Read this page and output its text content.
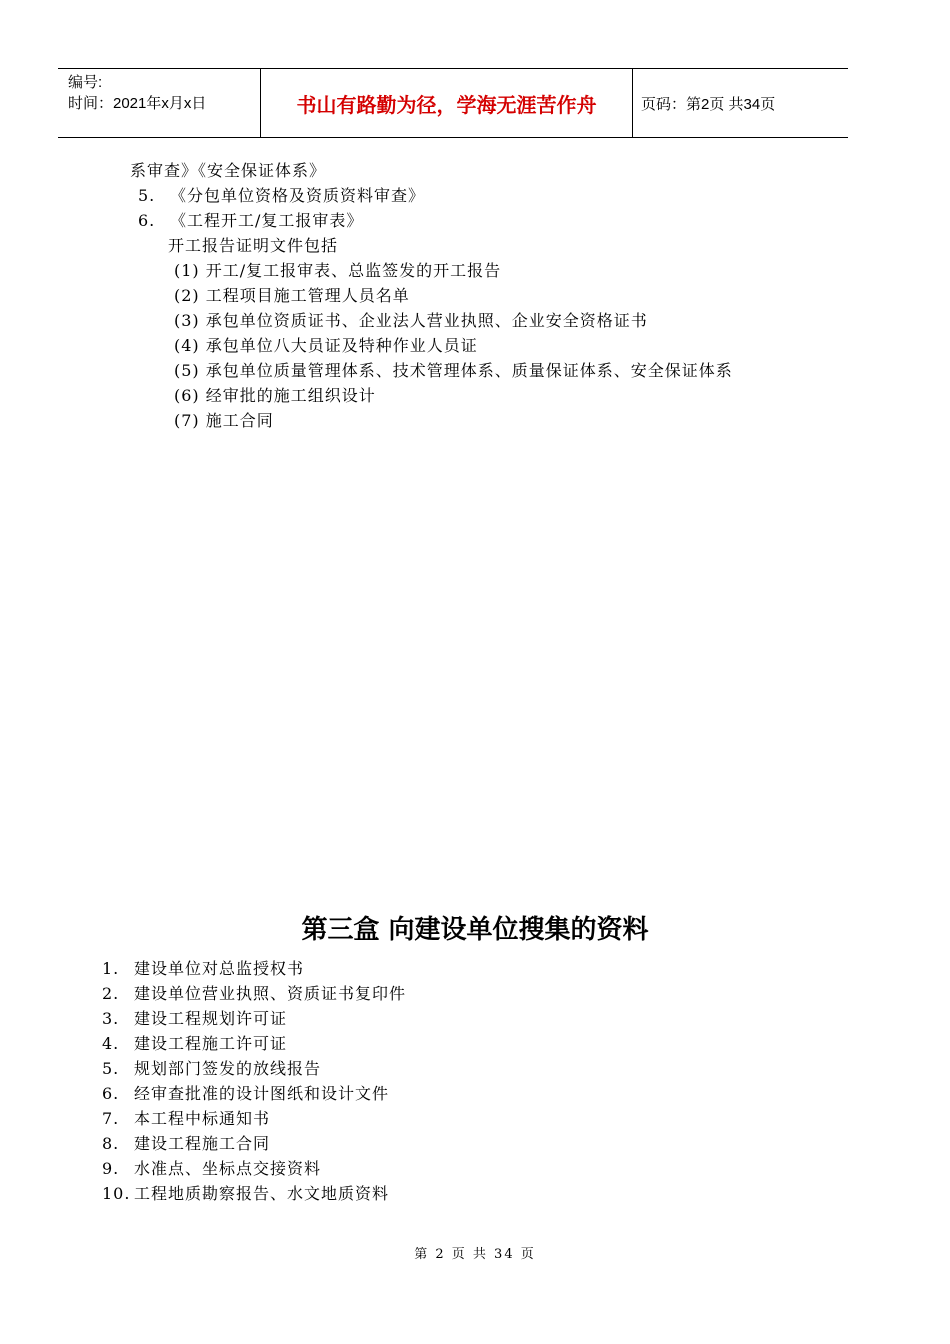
编号:
时间：2021年x月x日	书山有路勤为径，学海无涯苦作舟	页码：第2页 共34页
系审查》《安全保证体系》
5. 《分包单位资格及资质资料审查》
6. 《工程开工/复工报审表》
开工报告证明文件包括
(1) 开工/复工报审表、总监签发的开工报告
(2) 工程项目施工管理人员名单
(3) 承包单位资质证书、企业法人营业执照、企业安全资格证书
(4) 承包单位八大员证及特种作业人员证
(5) 承包单位质量管理体系、技术管理体系、质量保证体系、安全保证体系
(6) 经审批的施工组织设计
(7) 施工合同
第三盒 向建设单位搜集的资料
1. 建设单位对总监授权书
2. 建设单位营业执照、资质证书复印件
3. 建设工程规划许可证
4. 建设工程施工许可证
5. 规划部门签发的放线报告
6. 经审查批准的设计图纸和设计文件
7. 本工程中标通知书
8. 建设工程施工合同
9. 水准点、坐标点交接资料
10. 工程地质勘察报告、水文地质资料
第 2 页 共 34 页
